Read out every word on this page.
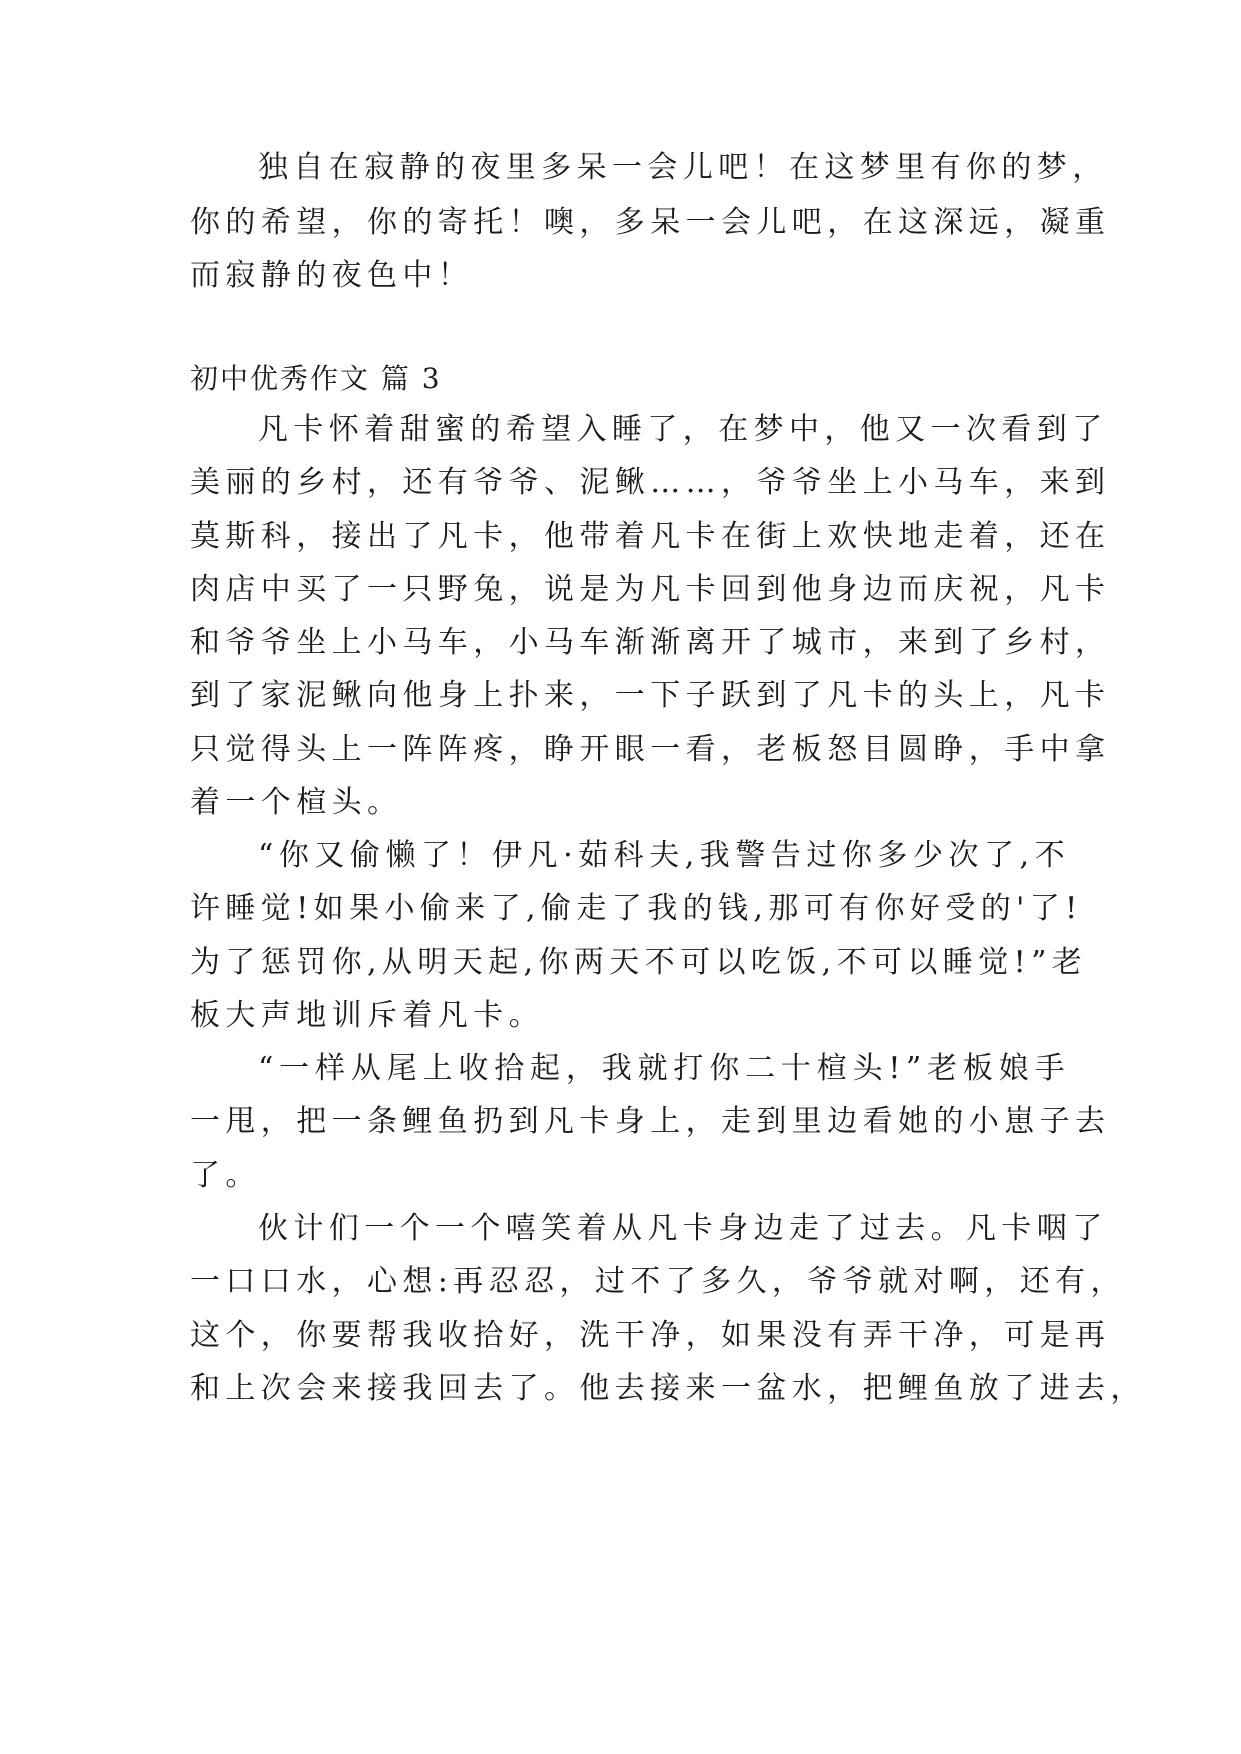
独自在寂静的夜里多呆一会儿吧！在这梦里有你的梦，
你的希望，你的寄托！噢，多呆一会儿吧，在这深远，凝重
而寂静的夜色中！
初中优秀作文 篇 3
凡卡怀着甜蜜的希望入睡了，在梦中，他又一次看到了
美丽的乡村，还有爷爷、泥鳅……，爷爷坐上小马车，来到
莫斯科，接出了凡卡，他带着凡卡在街上欢快地走着，还在
肉店中买了一只野兔，说是为凡卡回到他身边而庆祝，凡卡
和爷爷坐上小马车，小马车渐渐离开了城市，来到了乡村，
到了家泥鳅向他身上扑来，一下子跃到了凡卡的头上，凡卡
只觉得头上一阵阵疼，睁开眼一看，老板怒目圆睁，手中拿
着一个楦头。
“你又偷懒了！伊凡·茹科夫,我警告过你多少次了,不
许睡觉!如果小偷来了,偷走了我的钱,那可有你好受的'了!
为了惩罚你,从明天起,你两天不可以吃饭,不可以睡觉!”老
板大声地训斥着凡卡。
“一样从尾上收拾起，我就打你二十楦头!”老板娘手
一甩，把一条鲤鱼扔到凡卡身上，走到里边看她的小崽子去
了。
伙计们一个一个嘻笑着从凡卡身边走了过去。凡卡咽了
一口口水，心想:再忍忍，过不了多久，爷爷就对啊，还有，
这个，你要帮我收拾好，洗干净，如果没有弄干净，可是再
和上次会来接我回去了。他去接来一盆水，把鲤鱼放了进去，
